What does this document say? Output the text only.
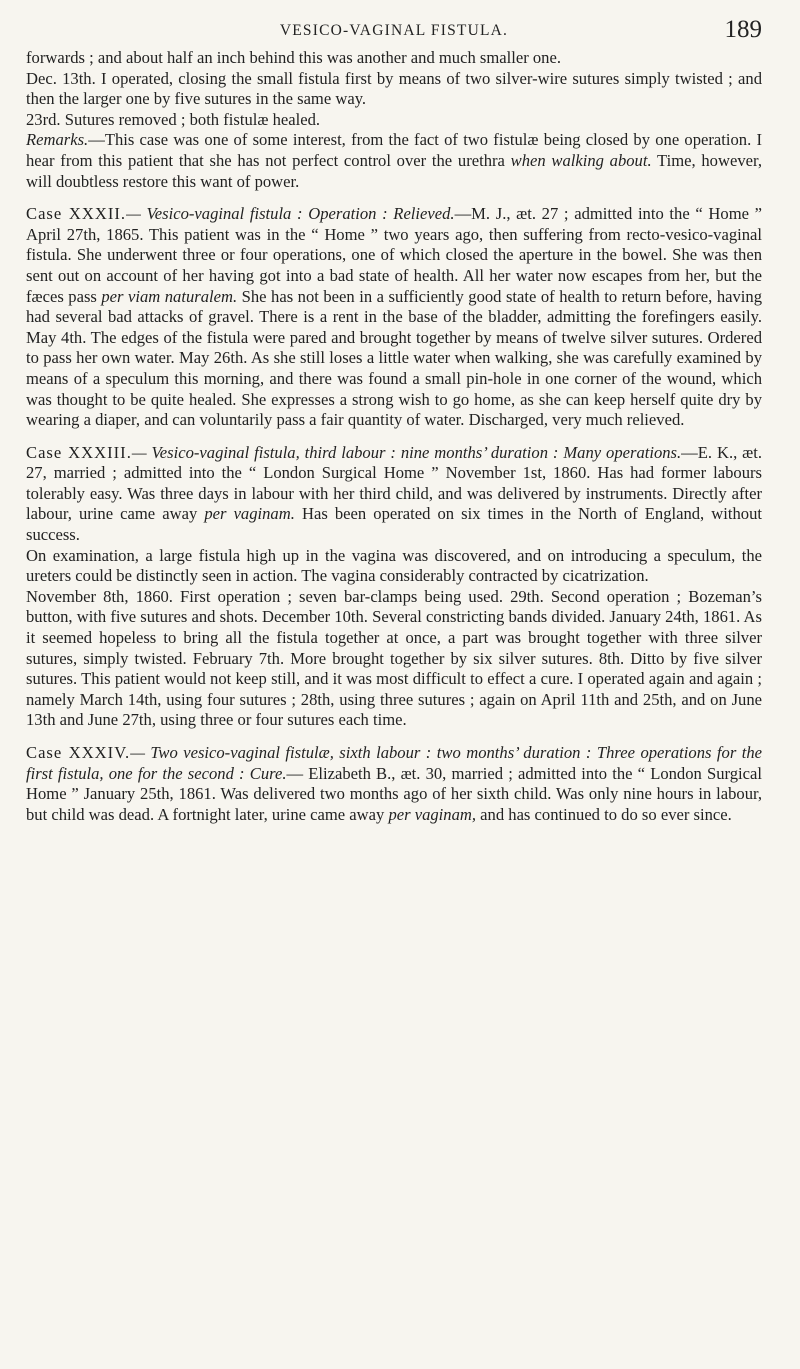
VESICO-VAGINAL FISTULA.	189

forwards ; and about half an inch behind this was another and much smaller one.

Dec. 13th. I operated, closing the small fistula first by means of two silver-wire sutures simply twisted ; and then the larger one by five sutures in the same way.

23rd. Sutures removed ; both fistulæ healed.

Remarks.—This case was one of some interest, from the fact of two fistulæ being closed by one operation. I hear from this patient that she has not perfect control over the urethra when walking about. Time, however, will doubtless restore this want of power.

Case XXXII.— Vesico-vaginal fistula : Operation : Relieved.—M. J., æt. 27 ; admitted into the “ Home ” April 27th, 1865. This patient was in the “ Home ” two years ago, then suffering from recto-vesico-vaginal fistula. She underwent three or four operations, one of which closed the aperture in the bowel. She was then sent out on account of her having got into a bad state of health. All her water now escapes from her, but the fæces pass per viam naturalem. She has not been in a sufficiently good state of health to return before, having had several bad attacks of gravel. There is a rent in the base of the bladder, admitting the forefingers easily. May 4th. The edges of the fistula were pared and brought together by means of twelve silver sutures. Ordered to pass her own water. May 26th. As she still loses a little water when walking, she was carefully examined by means of a speculum this morning, and there was found a small pin-hole in one corner of the wound, which was thought to be quite healed. She expresses a strong wish to go home, as she can keep herself quite dry by wearing a diaper, and can voluntarily pass a fair quantity of water. Discharged, very much relieved.

Case XXXIII.— Vesico-vaginal fistula, third labour : nine months’ duration : Many operations.—E. K., æt. 27, married ; admitted into the “ London Surgical Home ” November 1st, 1860. Has had former labours tolerably easy. Was three days in labour with her third child, and was delivered by instruments. Directly after labour, urine came away per vaginam. Has been operated on six times in the North of England, without success.

On examination, a large fistula high up in the vagina was discovered, and on introducing a speculum, the ureters could be distinctly seen in action. The vagina considerably contracted by cicatrization.

November 8th, 1860. First operation ; seven bar-clamps being used. 29th. Second operation ; Bozeman’s button, with five sutures and shots. December 10th. Several constricting bands divided. January 24th, 1861. As it seemed hopeless to bring all the fistula together at once, a part was brought together with three silver sutures, simply twisted. February 7th. More brought together by six silver sutures. 8th. Ditto by five silver sutures. This patient would not keep still, and it was most difficult to effect a cure. I operated again and again ; namely March 14th, using four sutures ; 28th, using three sutures ; again on April 11th and 25th, and on June 13th and June 27th, using three or four sutures each time.

Case XXXIV.— Two vesico-vaginal fistulæ, sixth labour : two months’ duration : Three operations for the first fistula, one for the second : Cure.— Elizabeth B., æt. 30, married ; admitted into the “ London Surgical Home ” January 25th, 1861. Was delivered two months ago of her sixth child. Was only nine hours in labour, but child was dead. A fortnight later, urine came away per vaginam, and has continued to do so ever since.
